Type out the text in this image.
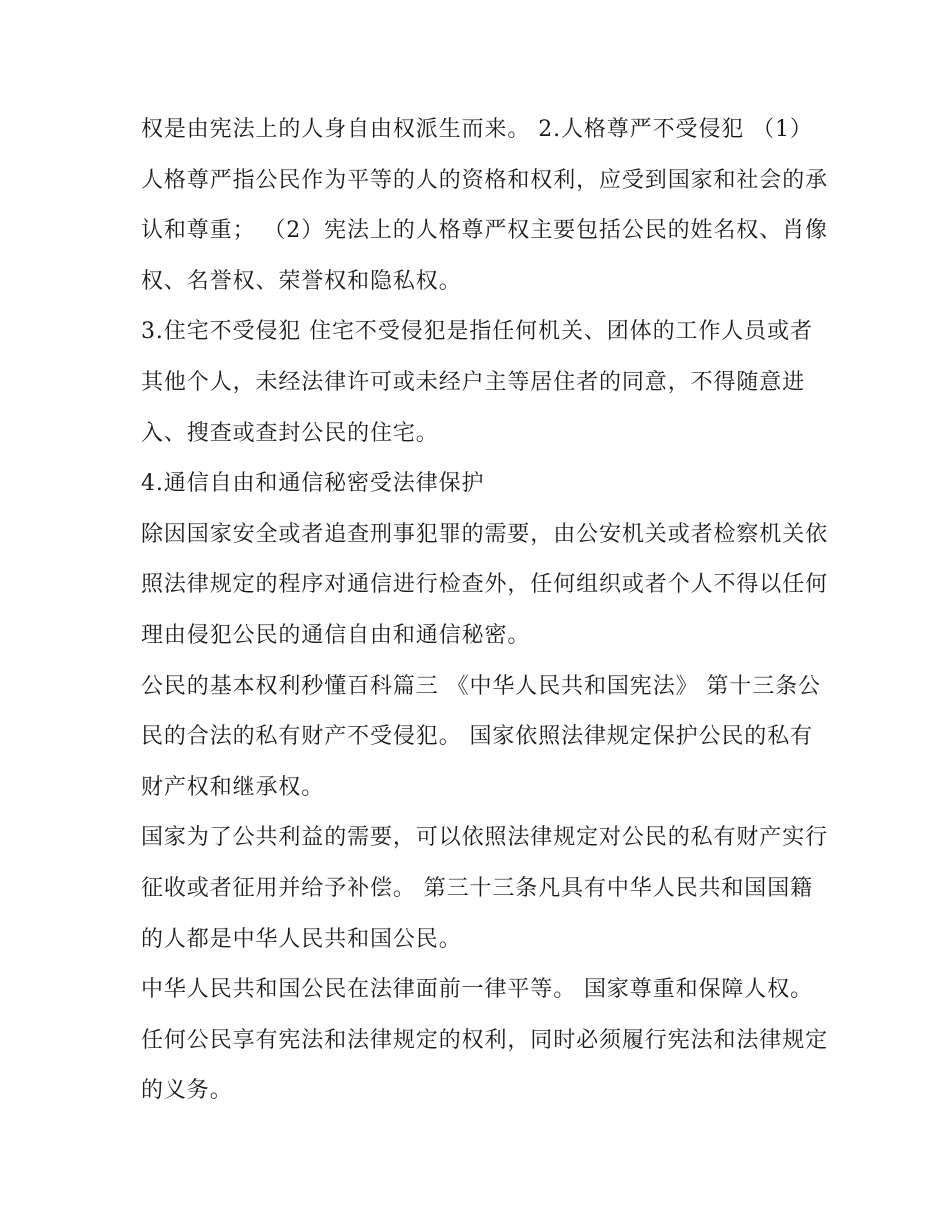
权是由宪法上的人身自由权派生而来。 2.人格尊严不受侵犯 （1）人格尊严指公民作为平等的人的资格和权利，应受到国家和社会的承认和尊重； （2）宪法上的人格尊严权主要包括公民的姓名权、肖像权、名誉权、荣誉权和隐私权。

3.住宅不受侵犯 住宅不受侵犯是指任何机关、团体的工作人员或者其他个人，未经法律许可或未经户主等居住者的同意，不得随意进入、搜查或查封公民的住宅。

4.通信自由和通信秘密受法律保护

除因国家安全或者追查刑事犯罪的需要，由公安机关或者检察机关依照法律规定的程序对通信进行检查外，任何组织或者个人不得以任何理由侵犯公民的通信自由和通信秘密。

公民的基本权利秒懂百科篇三 《中华人民共和国宪法》 第十三条公民的合法的私有财产不受侵犯。 国家依照法律规定保护公民的私有财产权和继承权。

国家为了公共利益的需要，可以依照法律规定对公民的私有财产实行征收或者征用并给予补偿。 第三十三条凡具有中华人民共和国国籍的人都是中华人民共和国公民。

中华人民共和国公民在法律面前一律平等。 国家尊重和保障人权。 任何公民享有宪法和法律规定的权利，同时必须履行宪法和法律规定的义务。
